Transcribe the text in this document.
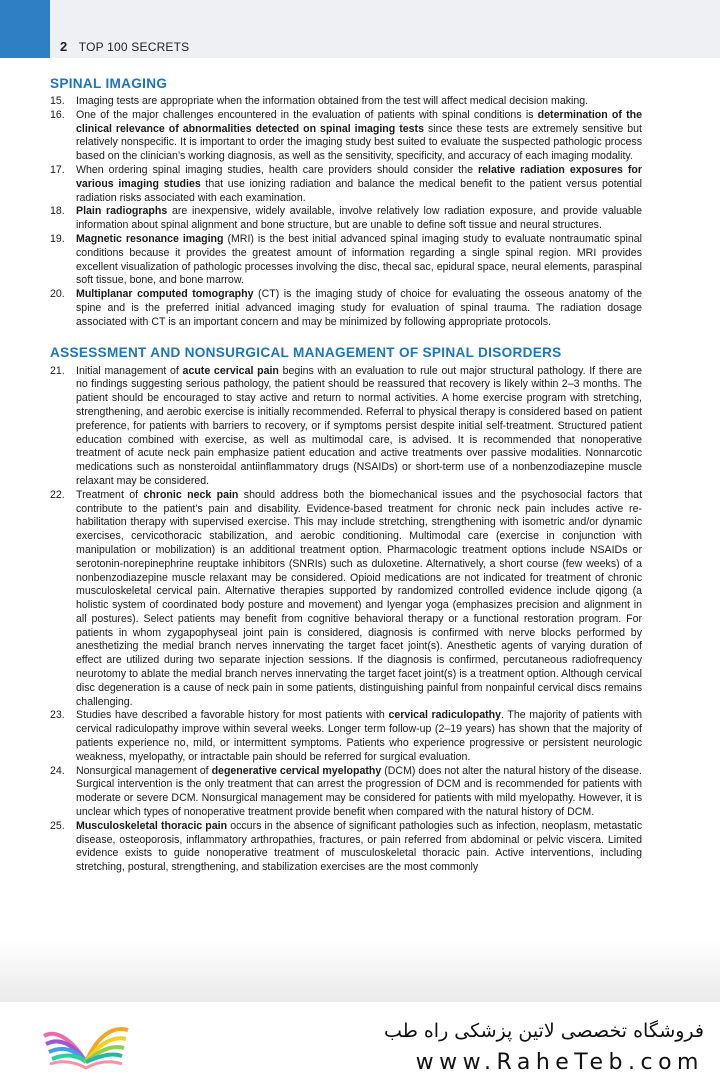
2 TOP 100 SECRETS
SPINAL IMAGING
15. Imaging tests are appropriate when the information obtained from the test will affect medical decision making.
16. One of the major challenges encountered in the evaluation of patients with spinal conditions is determination of the clinical relevance of abnormalities detected on spinal imaging tests since these tests are extremely sensitive but relatively nonspecific. It is important to order the imaging study best suited to evaluate the suspected pathologic process based on the clinician’s working diagnosis, as well as the sensitivity, specificity, and accuracy of each imaging modality.
17. When ordering spinal imaging studies, health care providers should consider the relative radiation exposures for various imaging studies that use ionizing radiation and balance the medical benefit to the patient versus potential radiation risks associated with each examination.
18. Plain radiographs are inexpensive, widely available, involve relatively low radiation exposure, and provide valuable information about spinal alignment and bone structure, but are unable to define soft tissue and neural structures.
19. Magnetic resonance imaging (MRI) is the best initial advanced spinal imaging study to evaluate nontraumatic spinal conditions because it provides the greatest amount of information regarding a single spinal region. MRI provides excellent visualization of pathologic processes involving the disc, thecal sac, epidural space, neural elements, paraspinal soft tissue, bone, and bone marrow.
20. Multiplanar computed tomography (CT) is the imaging study of choice for evaluating the osseous anatomy of the spine and is the preferred initial advanced imaging study for evaluation of spinal trauma. The radiation dosage associated with CT is an important concern and may be minimized by following appropriate protocols.
ASSESSMENT AND NONSURGICAL MANAGEMENT OF SPINAL DISORDERS
21. Initial management of acute cervical pain begins with an evaluation to rule out major structural pathology. If there are no findings suggesting serious pathology, the patient should be reassured that recovery is likely within 2–3 months. The patient should be encouraged to stay active and return to normal activities. A home exercise program with stretching, strengthening, and aerobic exercise is initially recommended. Referral to physical therapy is considered based on patient preference, for patients with barriers to recovery, or if symptoms persist despite initial self-treatment. Structured patient education combined with exercise, as well as multimodal care, is advised. It is recommended that nonoperative treatment of acute neck pain emphasize patient education and active treatments over passive modalities. Nonnarcotic medications such as nonsteroidal antiinflammatory drugs (NSAIDs) or short-term use of a nonbenzodiazepine muscle relaxant may be considered.
22. Treatment of chronic neck pain should address both the biomechanical issues and the psychosocial factors that contribute to the patient’s pain and disability. Evidence-based treatment for chronic neck pain includes active rehabilitation therapy with supervised exercise. This may include stretching, strengthening with isometric and/or dynamic exercises, cervicothoracic stabilization, and aerobic conditioning. Multimodal care (exercise in conjunction with manipulation or mobilization) is an additional treatment option. Pharmacologic treatment options include NSAIDs or serotonin-norepinephrine reuptake inhibitors (SNRIs) such as duloxetine. Alternatively, a short course (few weeks) of a nonbenzodiazepine muscle relaxant may be considered. Opioid medications are not indicated for treatment of chronic musculoskeletal cervical pain. Alternative therapies supported by randomized controlled evidence include qigong (a holistic system of coordinated body posture and movement) and Iyengar yoga (emphasizes precision and alignment in all postures). Select patients may benefit from cognitive behavioral therapy or a functional restoration program. For patients in whom zygapophyseal joint pain is considered, diagnosis is confirmed with nerve blocks performed by anesthetizing the medial branch nerves innervating the target facet joint(s). Anesthetic agents of varying duration of effect are utilized during two separate injection sessions. If the diagnosis is confirmed, percutaneous radiofrequency neurotomy to ablate the medial branch nerves innervating the target facet joint(s) is a treatment option. Although cervical disc degeneration is a cause of neck pain in some patients, distinguishing painful from nonpainful cervical discs remains challenging.
23. Studies have described a favorable history for most patients with cervical radiculopathy. The majority of patients with cervical radiculopathy improve within several weeks. Longer term follow-up (2–19 years) has shown that the majority of patients experience no, mild, or intermittent symptoms. Patients who experience progressive or persistent neurologic weakness, myelopathy, or intractable pain should be referred for surgical evaluation.
24. Nonsurgical management of degenerative cervical myelopathy (DCM) does not alter the natural history of the disease. Surgical intervention is the only treatment that can arrest the progression of DCM and is recommended for patients with moderate or severe DCM. Nonsurgical management may be considered for patients with mild myelopathy. However, it is unclear which types of nonoperative treatment provide benefit when compared with the natural history of DCM.
25. Musculoskeletal thoracic pain occurs in the absence of significant pathologies such as infection, neoplasm, metastatic disease, osteoporosis, inflammatory arthropathies, fractures, or pain referred from abdominal or pelvic viscera. Limited evidence exists to guide nonoperative treatment of musculoskeletal thoracic pain. Active interventions, including stretching, postural, strengthening, and stabilization exercises are the most commonly
فروشگاه تخصصی لاتین پزشکی راه طب
www.RaheTeb.com
